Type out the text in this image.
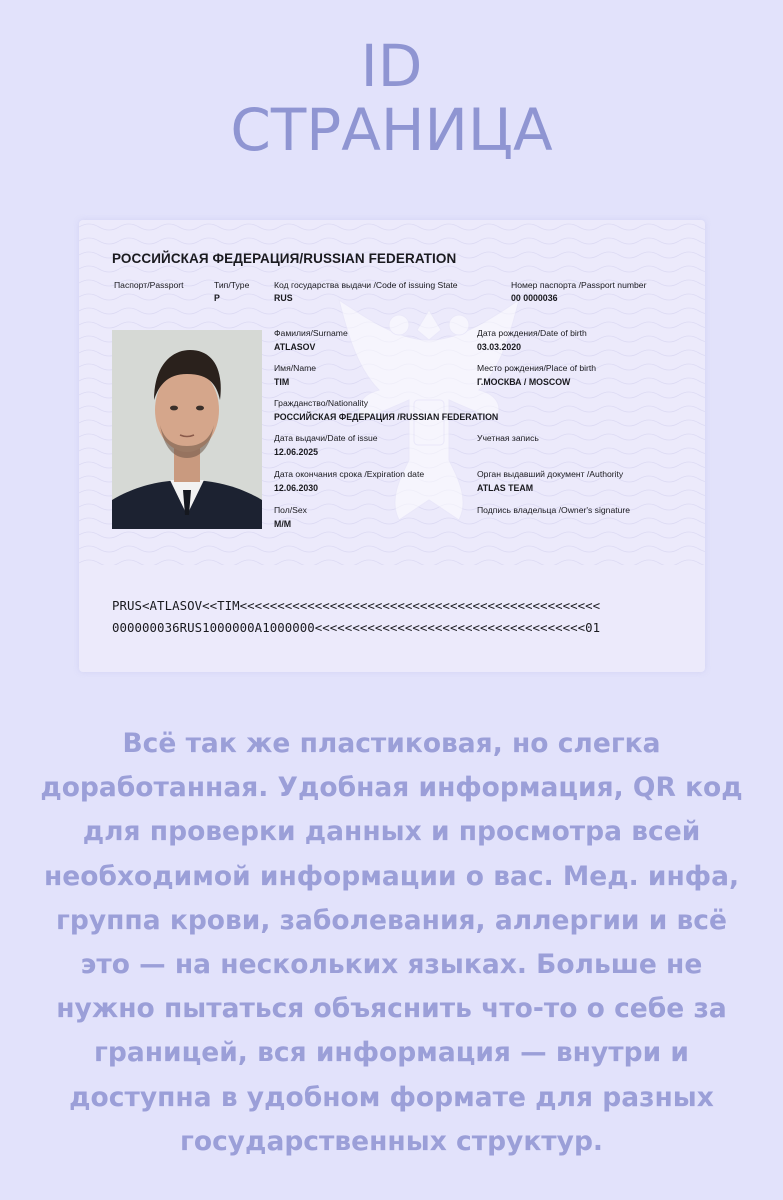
ID
СТРАНИЦА
РОССИЙСКАЯ ФЕДЕРАЦИЯ/RUSSIAN FEDERATION
Паспорт/Passport	Тип/Type
P
Код государства выдачи /Code of issuing State
RUS
Номер паспорта /Passport number
00 0000036
Фамилия/Surname
ATLASOV
Имя/Name
TIM
Гражданство/Nationality
РОССИЙСКАЯ ФЕДЕРАЦИЯ /RUSSIAN FEDERATION
Дата выдачи/Date of issue
12.06.2025
Дата окончания срока /Expiration date
12.06.2030
Пол/Sex
M/M
Дата рождения/Date of birth
03.03.2020
Место рождения/Place of birth
Г.МОСКВА / MOSCOW
Учетная запись
Орган выдавший документ /Authority
ATLAS TEAM
Подпись владельца /Owner's signature
PRUS<ATLASOV<<TIM<<<<<<<<<<<<<<<<<<<<<<<<<<<<<<<<<<<<<<<<<<<<<<<<
000000036RUS1000000A1000000<<<<<<<<<<<<<<<<<<<<<<<<<<<<<<<<<<<<01
Всё так же пластиковая, но слегка доработанная. Удобная информация, QR код для проверки данных и просмотра всей необходимой информации о вас. Мед. инфа, группа крови, заболевания, аллергии и всё это — на нескольких языках. Больше не нужно пытаться объяснить что-то о себе за границей, вся информация — внутри и доступна в удобном формате для разных государственных структур.
